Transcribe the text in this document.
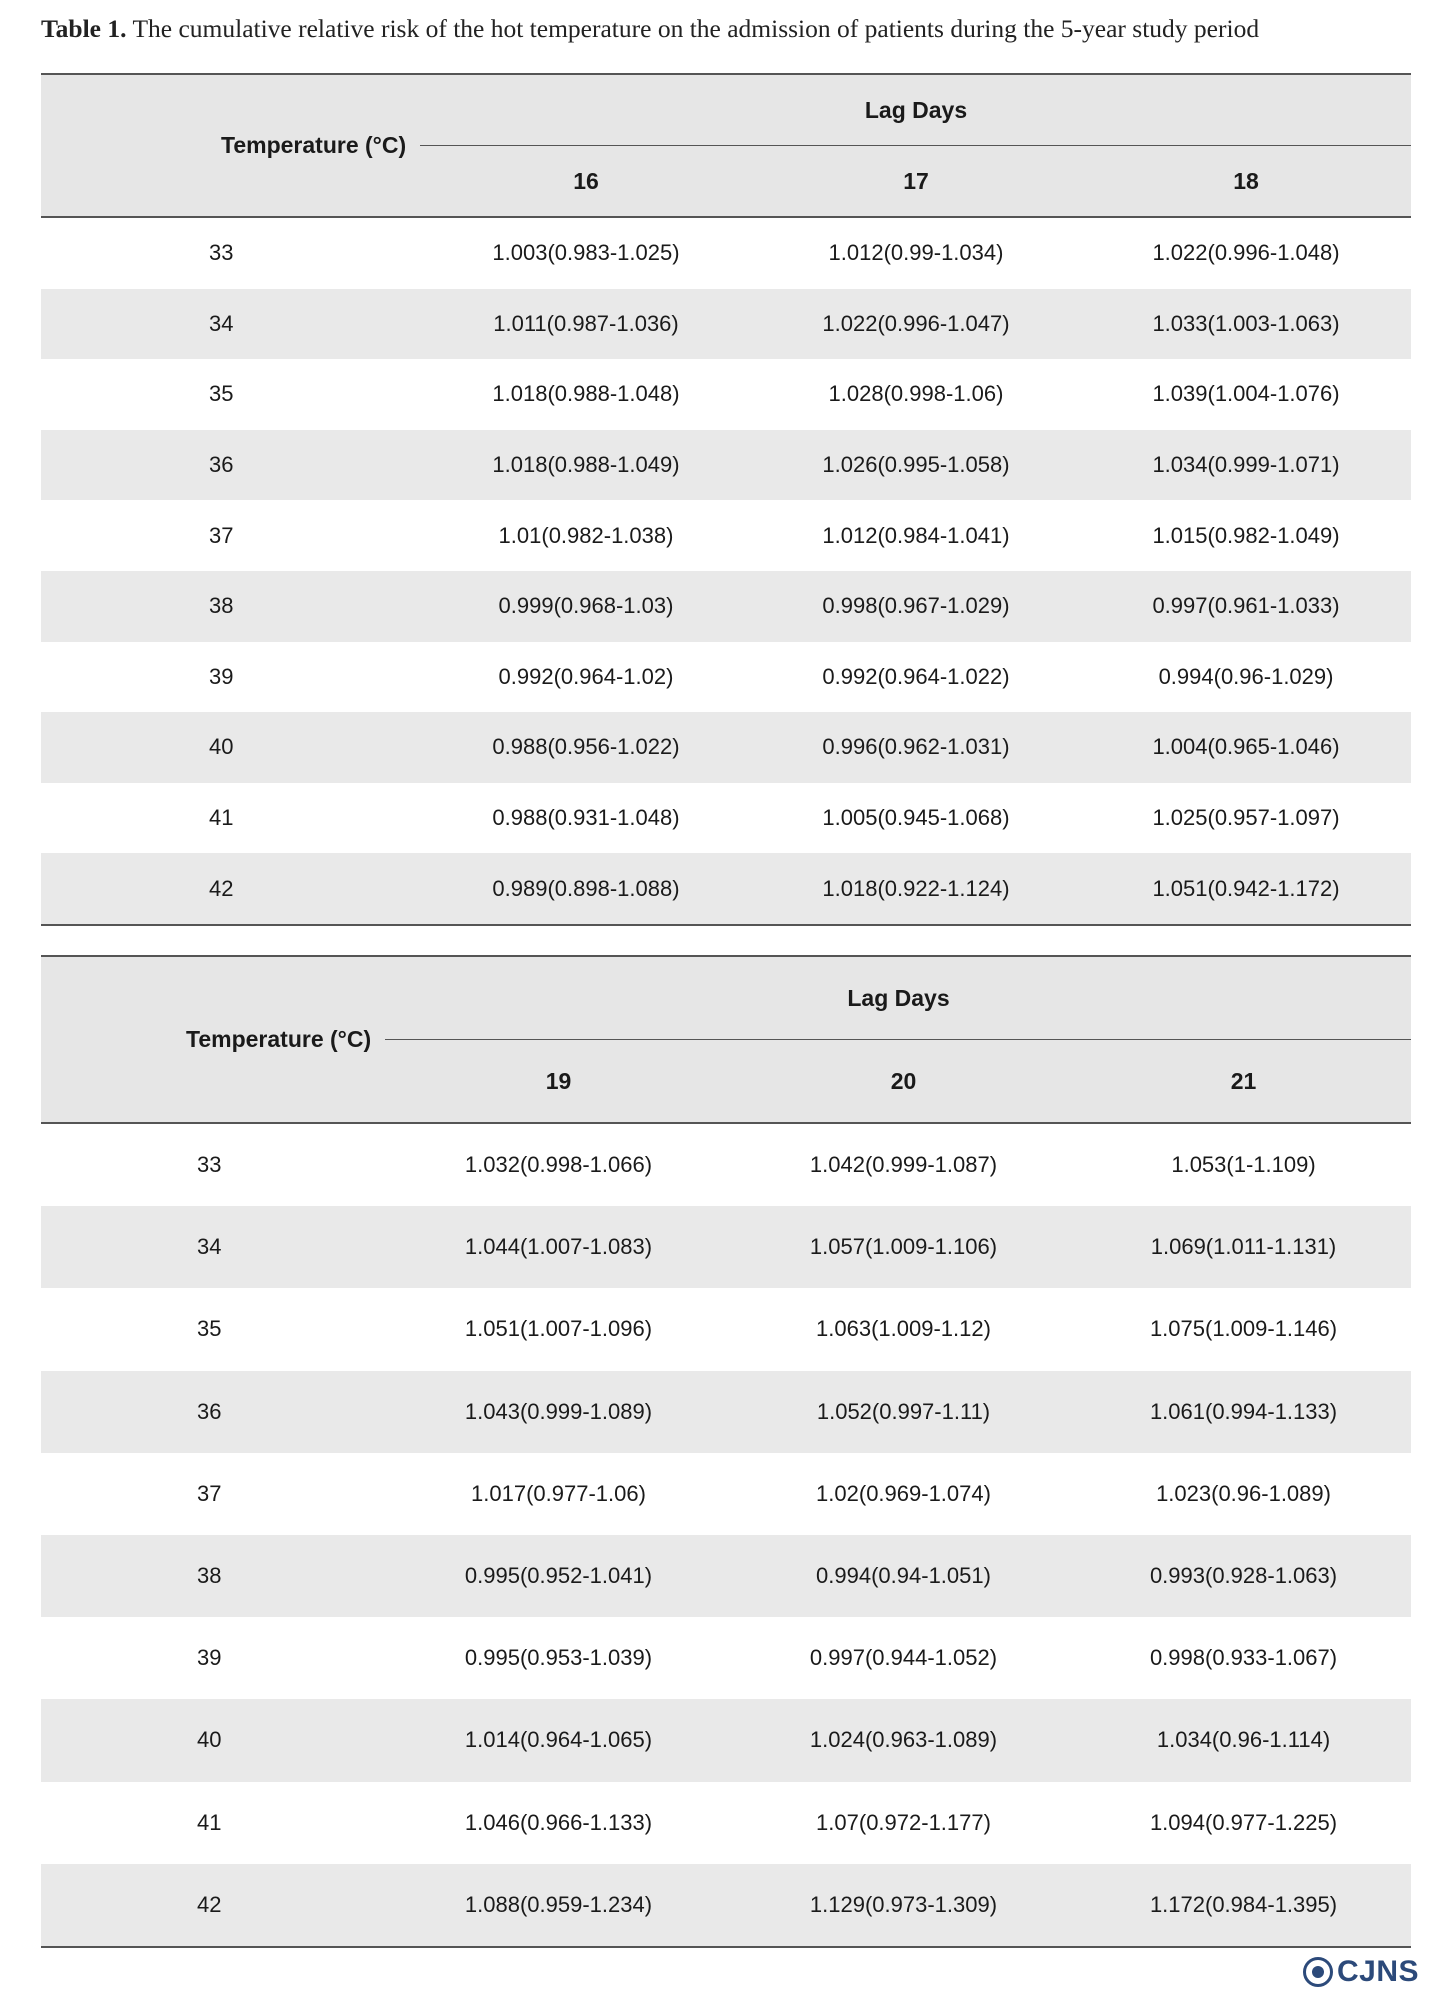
Table 1. The cumulative relative risk of the hot temperature on the admission of patients during the 5-year study period
Temperature (°C)	Lag Days		
	16	17	18
33	1.003(0.983-1.025)	1.012(0.99-1.034)	1.022(0.996-1.048)
34	1.011(0.987-1.036)	1.022(0.996-1.047)	1.033(1.003-1.063)
35	1.018(0.988-1.048)	1.028(0.998-1.06)	1.039(1.004-1.076)
36	1.018(0.988-1.049)	1.026(0.995-1.058)	1.034(0.999-1.071)
37	1.01(0.982-1.038)	1.012(0.984-1.041)	1.015(0.982-1.049)
38	0.999(0.968-1.03)	0.998(0.967-1.029)	0.997(0.961-1.033)
39	0.992(0.964-1.02)	0.992(0.964-1.022)	0.994(0.96-1.029)
40	0.988(0.956-1.022)	0.996(0.962-1.031)	1.004(0.965-1.046)
41	0.988(0.931-1.048)	1.005(0.945-1.068)	1.025(0.957-1.097)
42	0.989(0.898-1.088)	1.018(0.922-1.124)	1.051(0.942-1.172)
Temperature (°C)	Lag Days		
	19	20	21
33	1.032(0.998-1.066)	1.042(0.999-1.087)	1.053(1-1.109)
34	1.044(1.007-1.083)	1.057(1.009-1.106)	1.069(1.011-1.131)
35	1.051(1.007-1.096)	1.063(1.009-1.12)	1.075(1.009-1.146)
36	1.043(0.999-1.089)	1.052(0.997-1.11)	1.061(0.994-1.133)
37	1.017(0.977-1.06)	1.02(0.969-1.074)	1.023(0.96-1.089)
38	0.995(0.952-1.041)	0.994(0.94-1.051)	0.993(0.928-1.063)
39	0.995(0.953-1.039)	0.997(0.944-1.052)	0.998(0.933-1.067)
40	1.014(0.964-1.065)	1.024(0.963-1.089)	1.034(0.96-1.114)
41	1.046(0.966-1.133)	1.07(0.972-1.177)	1.094(0.977-1.225)
42	1.088(0.959-1.234)	1.129(0.973-1.309)	1.172(0.984-1.395)
CJNS
